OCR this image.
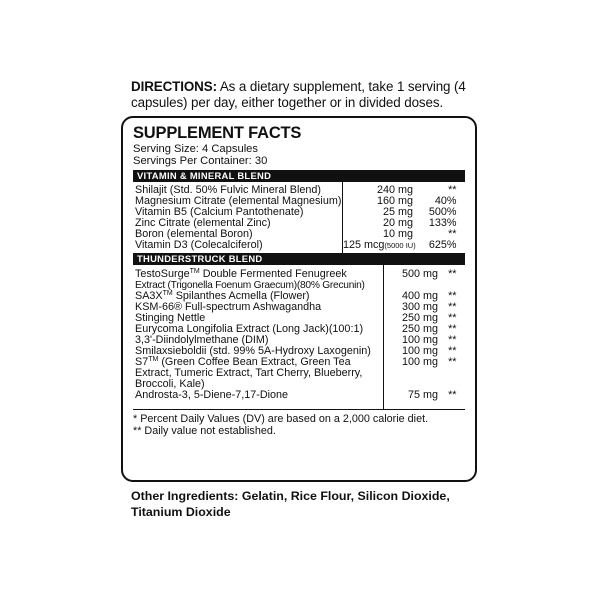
DIRECTIONS: As a dietary supplement, take 1 serving (4 capsules) per day, either together or in divided doses.
SUPPLEMENT FACTS
Serving Size: 4 Capsules
Servings Per Container: 30
VITAMIN & MINERAL BLEND
Shilajit (Std. 50% Fulvic Mineral Blend)	240 mg	**
Magnesium Citrate (elemental Magnesium)	160 mg	40%
Vitamin B5 (Calcium Pantothenate)	25 mg	500%
Zinc Citrate (elemental Zinc)	20 mg	133%
Boron (elemental Boron)	10 mg	**
Vitamin D3 (Colecalciferol)	125 mcg(5000 IU)	625%
THUNDERSTRUCK BLEND
TestoSurge™ Double Fermented Fenugreek
Extract (Trigonella Foenum Graecum)(80% Grecunin)	500 mg	**
SA3X™ Spilanthes Acmella (Flower)	400 mg	**
KSM-66® Full-spectrum Ashwagandha	300 mg	**
Stinging Nettle	250 mg	**
Eurycoma Longifolia Extract (Long Jack)(100:1)	250 mg	**
3,3'-Diindolylmethane (DIM)	100 mg	**
Smilaxsieboldii (std. 99% 5A-Hydroxy Laxogenin)	100 mg	**
S7™ (Green Coffee Bean Extract, Green Tea
Extract, Tumeric Extract, Tart Cherry, Blueberry,
Broccoli, Kale)	100 mg	**
Androsta-3, 5-Diene-7,17-Dione	75 mg	**
* Percent Daily Values (DV) are based on a 2,000 calorie diet.
** Daily value not established.
Other Ingredients: Gelatin, Rice Flour, Silicon Dioxide, Titanium Dioxide
